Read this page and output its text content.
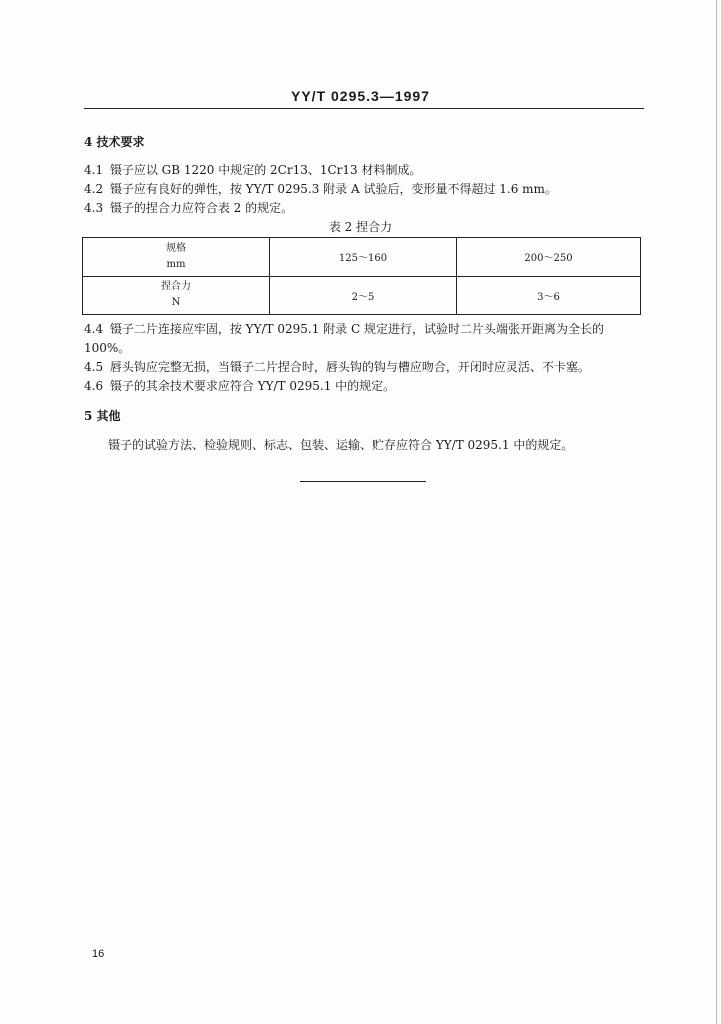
YY/T 0295.3—1997
4 技术要求
4.1 镊子应以 GB 1220 中规定的 2Cr13、1Cr13 材料制成。
4.2 镊子应有良好的弹性，按 YY/T 0295.3 附录 A 试验后，变形量不得超过 1.6 mm。
4.3 镊子的捏合力应符合表 2 的规定。
表 2 捏合力
规格
mm	125～160	200～250

捏合力
N	2～5	3～6
4.4 镊子二片连接应牢固，按 YY/T 0295.1 附录 C 规定进行，试验时二片头端张开距离为全长的
100%。
4.5 唇头钩应完整无损，当镊子二片捏合时，唇头钩的钩与槽应吻合，开闭时应灵活、不卡塞。
4.6 镊子的其余技术要求应符合 YY/T 0295.1 中的规定。
5 其他
镊子的试验方法、检验规则、标志、包装、运输、贮存应符合 YY/T 0295.1 中的规定。
16
